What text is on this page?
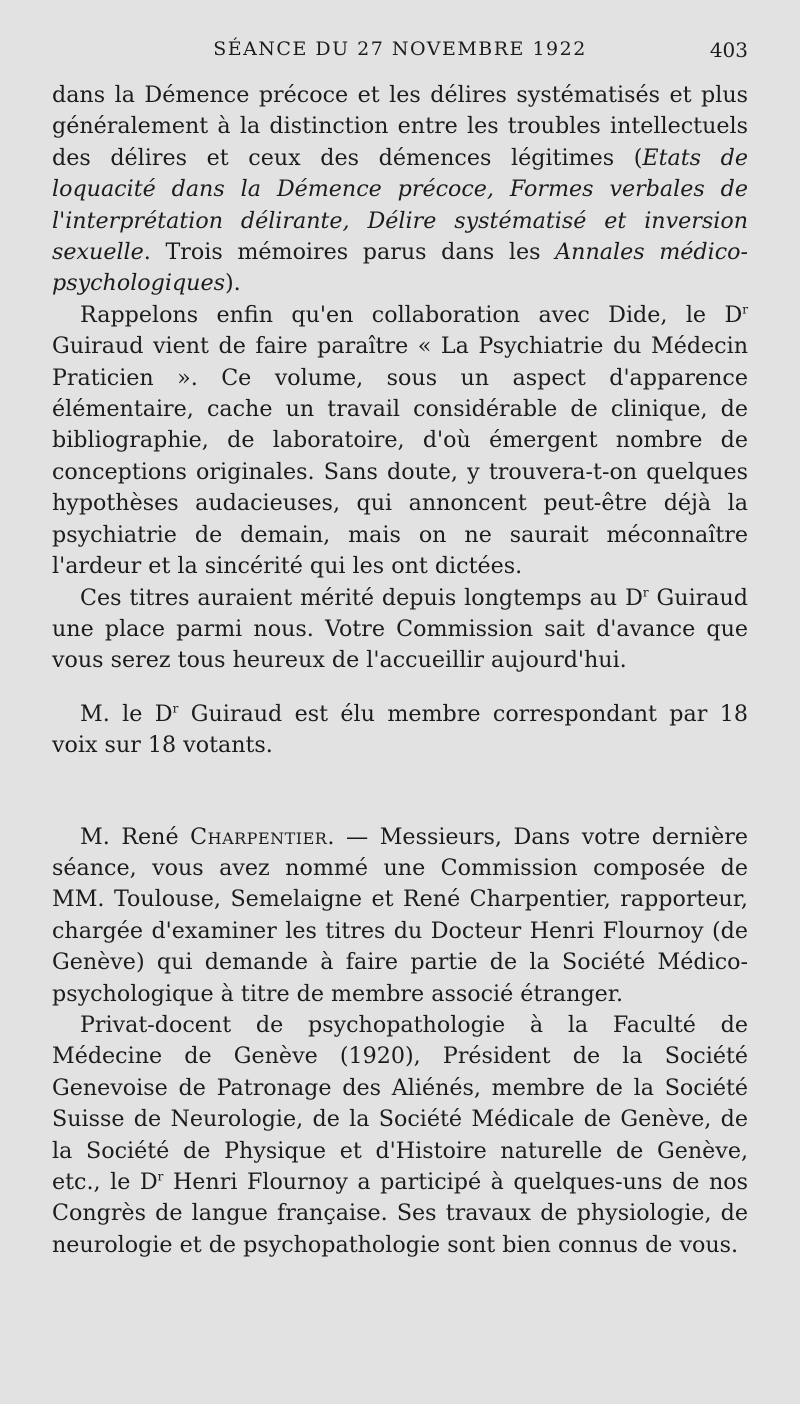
SÉANCE DU 27 NOVEMBRE 1922	403

dans la Démence précoce et les délires systématisés et plus généralement à la distinction entre les troubles intellectuels des délires et ceux des démences légitimes (Etats de loquacité dans la Démence précoce, Formes verbales de l'interprétation délirante, Délire systématisé et inversion sexuelle. Trois mémoires parus dans les Annales médico-psychologiques).

Rappelons enfin qu'en collaboration avec Dide, le $D^r$ Guiraud vient de faire paraître « La Psychiatrie du Médecin Praticien ». Ce volume, sous un aspect d'apparence élémentaire, cache un travail considérable de clinique, de bibliographie, de laboratoire, d'où émergent nombre de conceptions originales. Sans doute, y trouvera-t-on quelques hypothèses audacieuses, qui annoncent peut-être déjà la psychiatrie de demain, mais on ne saurait méconnaître l'ardeur et la sincérité qui les ont dictées.

Ces titres auraient mérité depuis longtemps au $D^r$ Guiraud une place parmi nous. Votre Commission sait d'avance que vous serez tous heureux de l'accueillir aujourd'hui.

M. le $D^r$ Guiraud est élu membre correspondant par 18 voix sur 18 votants.

M. René Charpentier. — Messieurs, Dans votre dernière séance, vous avez nommé une Commission composée de MM. Toulouse, Semelaigne et René Charpentier, rapporteur, chargée d'examiner les titres du Docteur Henri Flournoy (de Genève) qui demande à faire partie de la Société Médico-psychologique à titre de membre associé étranger.

Privat-docent de psychopathologie à la Faculté de Médecine de Genève (1920), Président de la Société Genevoise de Patronage des Aliénés, membre de la Société Suisse de Neurologie, de la Société Médicale de Genève, de la Société de Physique et d'Histoire naturelle de Genève, etc., le $D^r$ Henri Flournoy a participé à quelques-uns de nos Congrès de langue française. Ses travaux de physiologie, de neurologie et de psychopathologie sont bien connus de vous.
